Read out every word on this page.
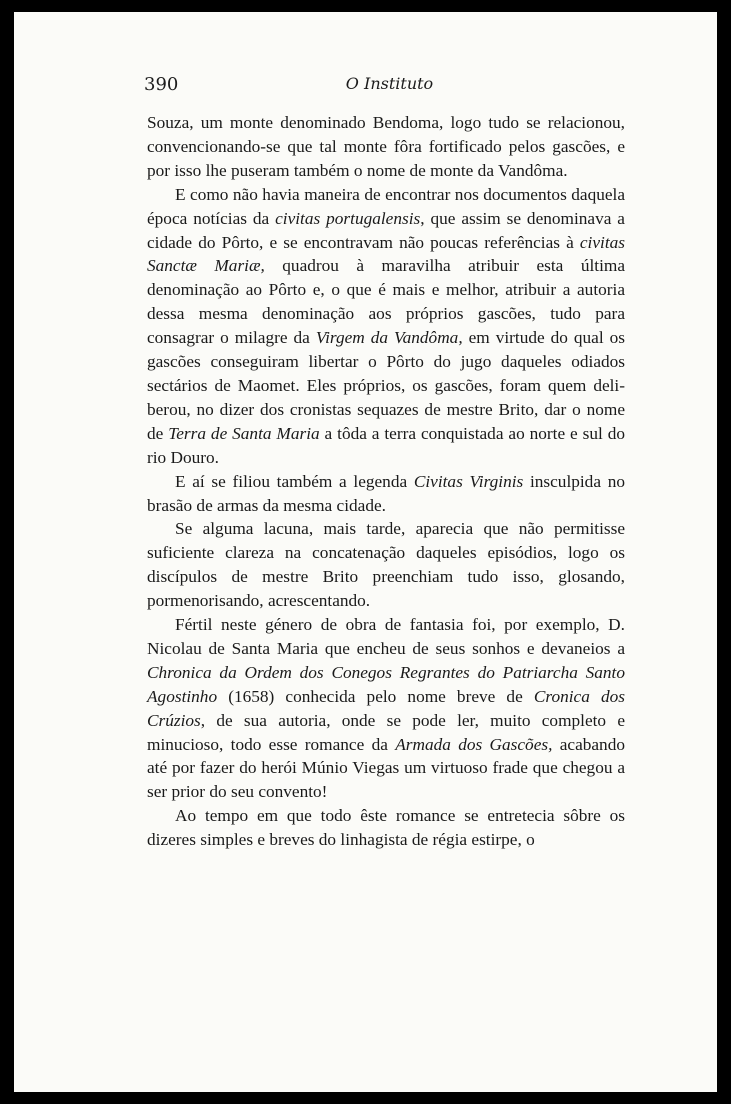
390	O Instituto

Souza, um monte denominado Bendoma, logo tudo se relacionou, convencionando-se que tal monte fôra fortificado pelos gascões, e por isso lhe puseram também o nome de monte da Vandôma.

E como não havia maneira de encontrar nos documentos daquela época notícias da civitas portugalensis, que assim se denominava a cidade do Pôrto, e se encontravam não poucas referências à civitas Sanctæ Mariæ, quadrou à maravilha atribuir esta última denominação ao Pôrto e, o que é mais e melhor, atribuir a autoria dessa mesma denominação aos próprios gascões, tudo para consagrar o milagre da Virgem da Vandôma, em virtude do qual os gascões conseguiram libertar o Pôrto do jugo daqueles odiados sectários de Maomet. Eles próprios, os gascões, foram quem deliberou, no dizer dos cronistas sequazes de mestre Brito, dar o nome de Terra de Santa Maria a tôda a terra conquistada ao norte e sul do rio Douro.

E aí se filiou também a legenda Civitas Virginis insculpida no brasão de armas da mesma cidade.

Se alguma lacuna, mais tarde, aparecia que não permitisse suficiente clareza na concatenação daqueles episódios, logo os discípulos de mestre Brito preenchiam tudo isso, glosando, pormenorisando, acrescentando.

Fértil neste género de obra de fantasia foi, por exemplo, D. Nicolau de Santa Maria que encheu de seus sonhos e devaneios a Chronica da Ordem dos Conegos Regrantes do Patriarcha Santo Agostinho (1658) conhecida pelo nome breve de Cronica dos Crúzios, de sua autoria, onde se pode ler, muito completo e minucioso, todo esse romance da Armada dos Gascões, acabando até por fazer do herói Múnio Viegas um virtuoso frade que chegou a ser prior do seu convento!

Ao tempo em que todo êste romance se entretecia sôbre os dizeres simples e breves do linhagista de régia estirpe, o
